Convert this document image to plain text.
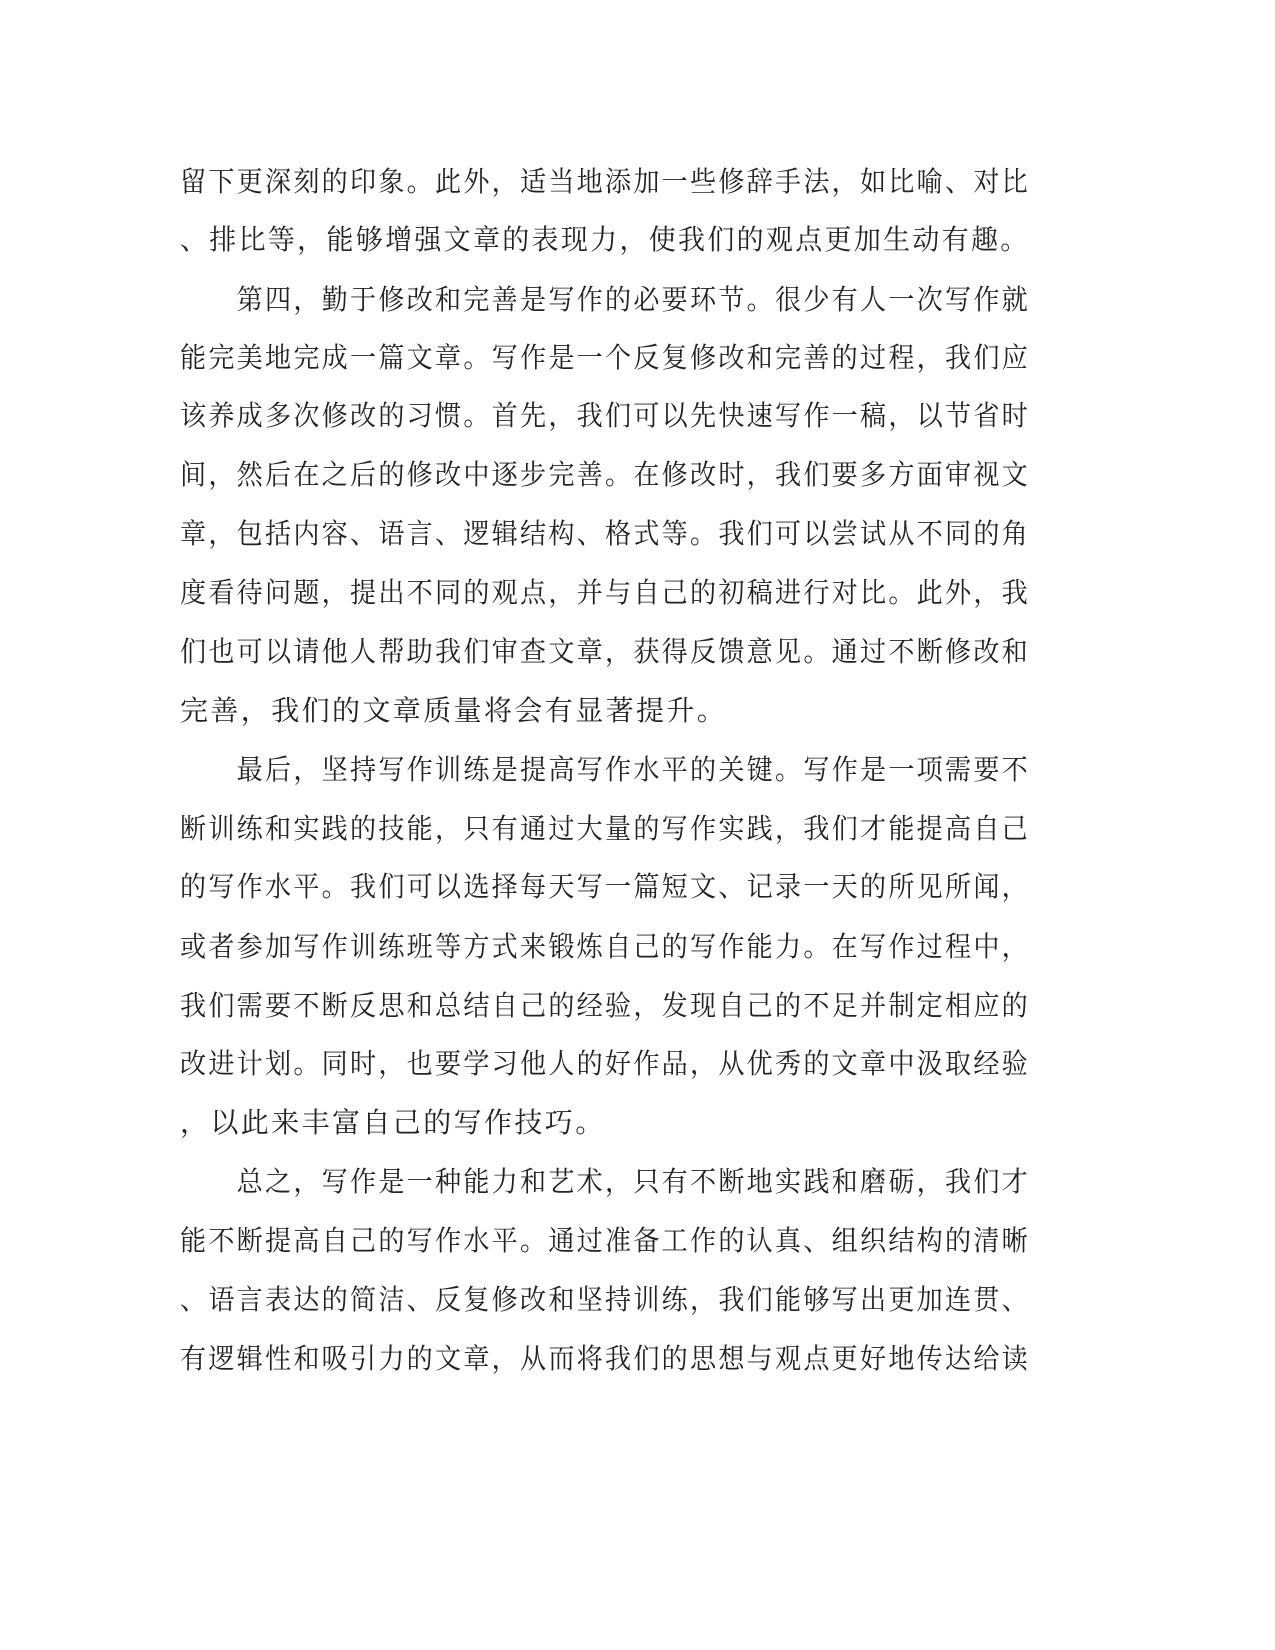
留下更深刻的印象。此外，适当地添加一些修辞手法，如比喻、对比
、排比等，能够增强文章的表现力，使我们的观点更加生动有趣。
　　第四，勤于修改和完善是写作的必要环节。很少有人一次写作就
能完美地完成一篇文章。写作是一个反复修改和完善的过程，我们应
该养成多次修改的习惯。首先，我们可以先快速写作一稿，以节省时
间，然后在之后的修改中逐步完善。在修改时，我们要多方面审视文
章，包括内容、语言、逻辑结构、格式等。我们可以尝试从不同的角
度看待问题，提出不同的观点，并与自己的初稿进行对比。此外，我
们也可以请他人帮助我们审查文章，获得反馈意见。通过不断修改和
完善，我们的文章质量将会有显著提升。
　　最后，坚持写作训练是提高写作水平的关键。写作是一项需要不
断训练和实践的技能，只有通过大量的写作实践，我们才能提高自己
的写作水平。我们可以选择每天写一篇短文、记录一天的所见所闻，
或者参加写作训练班等方式来锻炼自己的写作能力。在写作过程中，
我们需要不断反思和总结自己的经验，发现自己的不足并制定相应的
改进计划。同时，也要学习他人的好作品，从优秀的文章中汲取经验
，以此来丰富自己的写作技巧。
　　总之，写作是一种能力和艺术，只有不断地实践和磨砺，我们才
能不断提高自己的写作水平。通过准备工作的认真、组织结构的清晰
、语言表达的简洁、反复修改和坚持训练，我们能够写出更加连贯、
有逻辑性和吸引力的文章，从而将我们的思想与观点更好地传达给读
